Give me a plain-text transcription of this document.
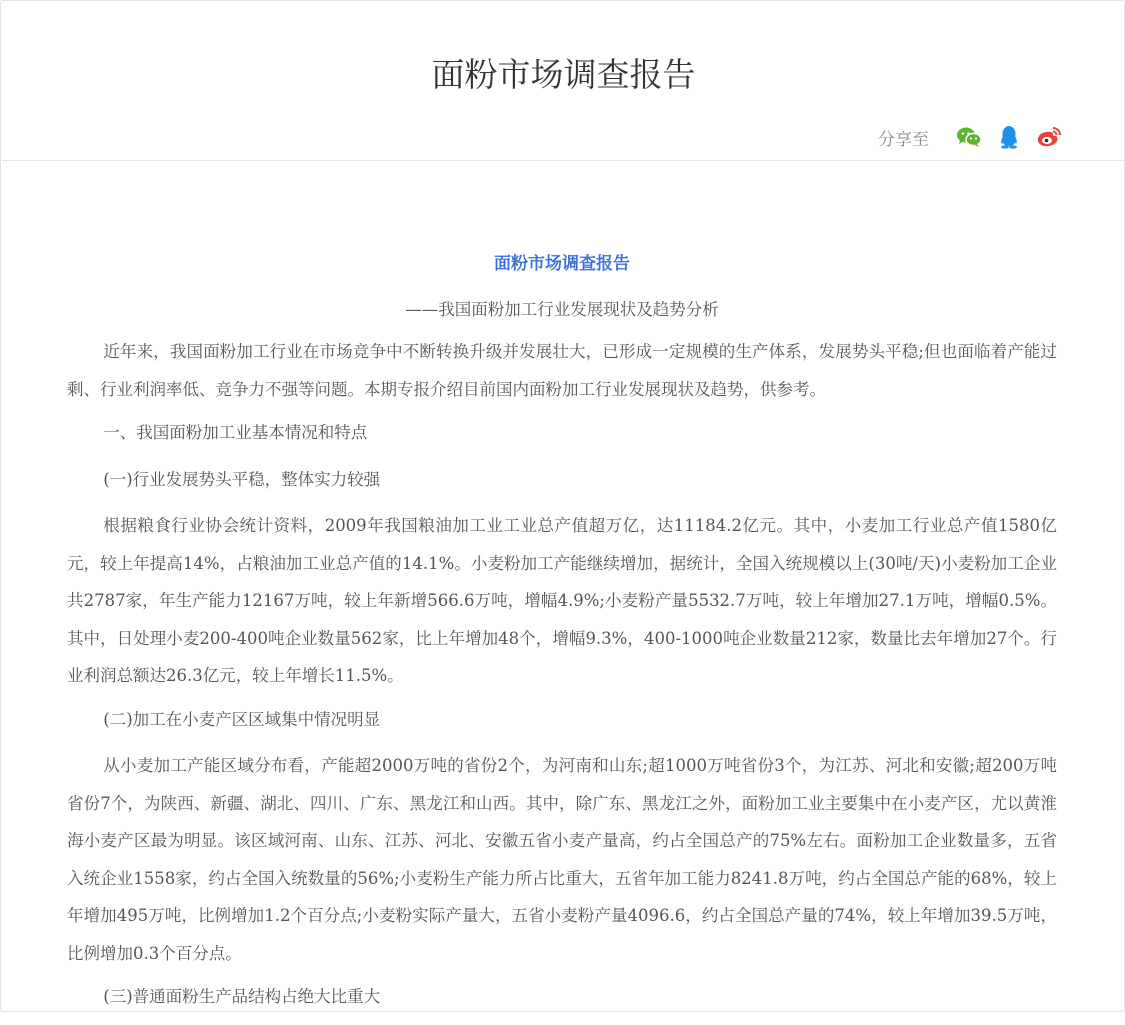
面粉市场调查报告
分享至
面粉市场调查报告
——我国面粉加工行业发展现状及趋势分析

近年来，我国面粉加工行业在市场竞争中不断转换升级并发展壮大，已形成一定规模的生产体系，发展势头平稳;但也面临着产能过剩、行业利润率低、竞争力不强等问题。本期专报介绍目前国内面粉加工行业发展现状及趋势，供参考。

一、我国面粉加工业基本情况和特点

(一)行业发展势头平稳，整体实力较强

根据粮食行业协会统计资料，2009年我国粮油加工业工业总产值超万亿，达11184.2亿元。其中，小麦加工行业总产值1580亿元，较上年提高14%，占粮油加工业总产值的14.1%。小麦粉加工产能继续增加，据统计，全国入统规模以上(30吨/天)小麦粉加工企业共2787家，年生产能力12167万吨，较上年新增566.6万吨，增幅4.9%;小麦粉产量5532.7万吨，较上年增加27.1万吨，增幅0.5%。其中，日处理小麦200-400吨企业数量562家，比上年增加48个，增幅9.3%，400-1000吨企业数量212家，数量比去年增加27个。行业利润总额达26.3亿元，较上年增长11.5%。

(二)加工在小麦产区区域集中情况明显

从小麦加工产能区域分布看，产能超2000万吨的省份2个，为河南和山东;超1000万吨省份3个，为江苏、河北和安徽;超200万吨省份7个，为陕西、新疆、湖北、四川、广东、黑龙江和山西。其中，除广东、黑龙江之外，面粉加工业主要集中在小麦产区，尤以黄淮海小麦产区最为明显。该区域河南、山东、江苏、河北、安徽五省小麦产量高，约占全国总产的75%左右。面粉加工企业数量多，五省入统企业1558家，约占全国入统数量的56%;小麦粉生产能力所占比重大，五省年加工能力8241.8万吨，约占全国总产能的68%，较上年增加495万吨，比例增加1.2个百分点;小麦粉实际产量大，五省小麦粉产量4096.6，约占全国总产量的74%，较上年增加39.5万吨，比例增加0.3个百分点。

(三)普通面粉生产品结构占绝大比重大
